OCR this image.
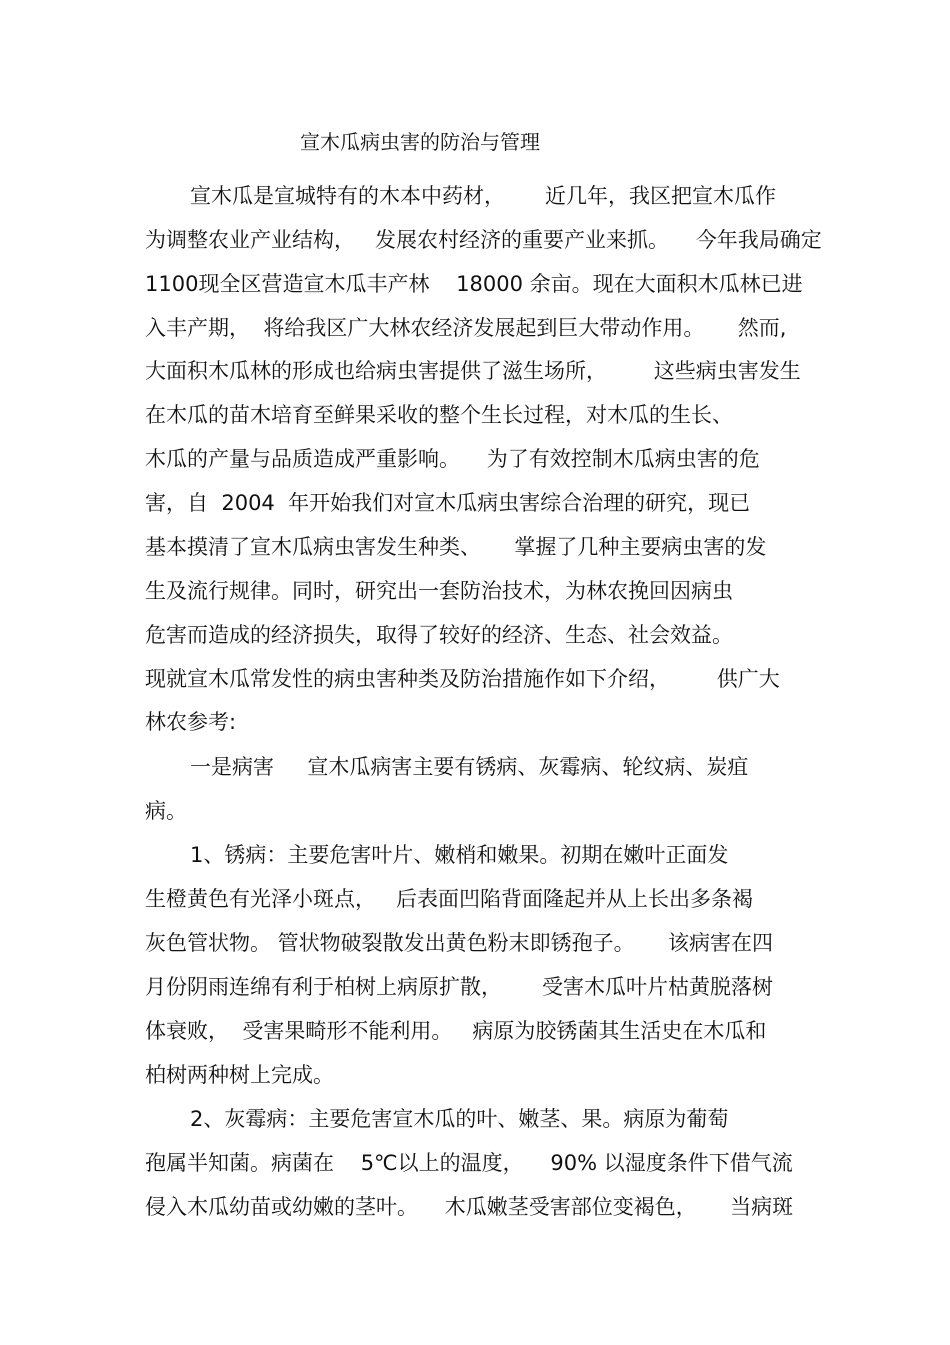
宣木瓜病虫害的防治与管理
宣木瓜是宣城特有的木本中药材，      近几年，我区把宣木瓜作
为调整农业产业结构，   发展农村经济的重要产业来抓。    今年我局确定
1100现全区营造宣木瓜丰产林    18000 余亩。现在大面积木瓜林已进
入丰产期，  将给我区广大林农经济发展起到巨大带动作用。     然而,
大面积木瓜林的形成也给病虫害提供了滋生场所，       这些病虫害发生
在木瓜的苗木培育至鲜果采收的整个生长过程，对木瓜的生长、
木瓜的产量与品质造成严重影响。    为了有效控制木瓜病虫害的危
害，自  2004  年开始我们对宣木瓜病虫害综合治理的研究，现已
基本摸清了宣木瓜病虫害发生种类、     掌握了几种主要病虫害的发
生及流行规律。同时，研究出一套防治技术，为林农挽回因病虫
危害而造成的经济损失，取得了较好的经济、生态、社会效益。
现就宣木瓜常发性的病虫害种类及防治措施作如下介绍，       供广大
林农参考:
一是病害     宣木瓜病害主要有锈病、灰霉病、轮纹病、炭疽
病。
1、锈病：主要危害叶片、嫩梢和嫩果。初期在嫩叶正面发
生橙黄色有光泽小斑点，   后表面凹陷背面隆起并从上长出多条褐
灰色管状物。 管状物破裂散发出黄色粉末即锈孢子。     该病害在四
月份阴雨连绵有利于柏树上病原扩散，      受害木瓜叶片枯黄脱落树
体衰败，  受害果畸形不能利用。   病原为胶锈菌其生活史在木瓜和
柏树两种树上完成。
2、灰霉病：主要危害宣木瓜的叶、嫩茎、果。病原为葡萄
孢属半知菌。病菌在    5℃以上的温度，    90% 以湿度条件下借气流
侵入木瓜幼苗或幼嫩的茎叶。    木瓜嫩茎受害部位变褐色，     当病斑
